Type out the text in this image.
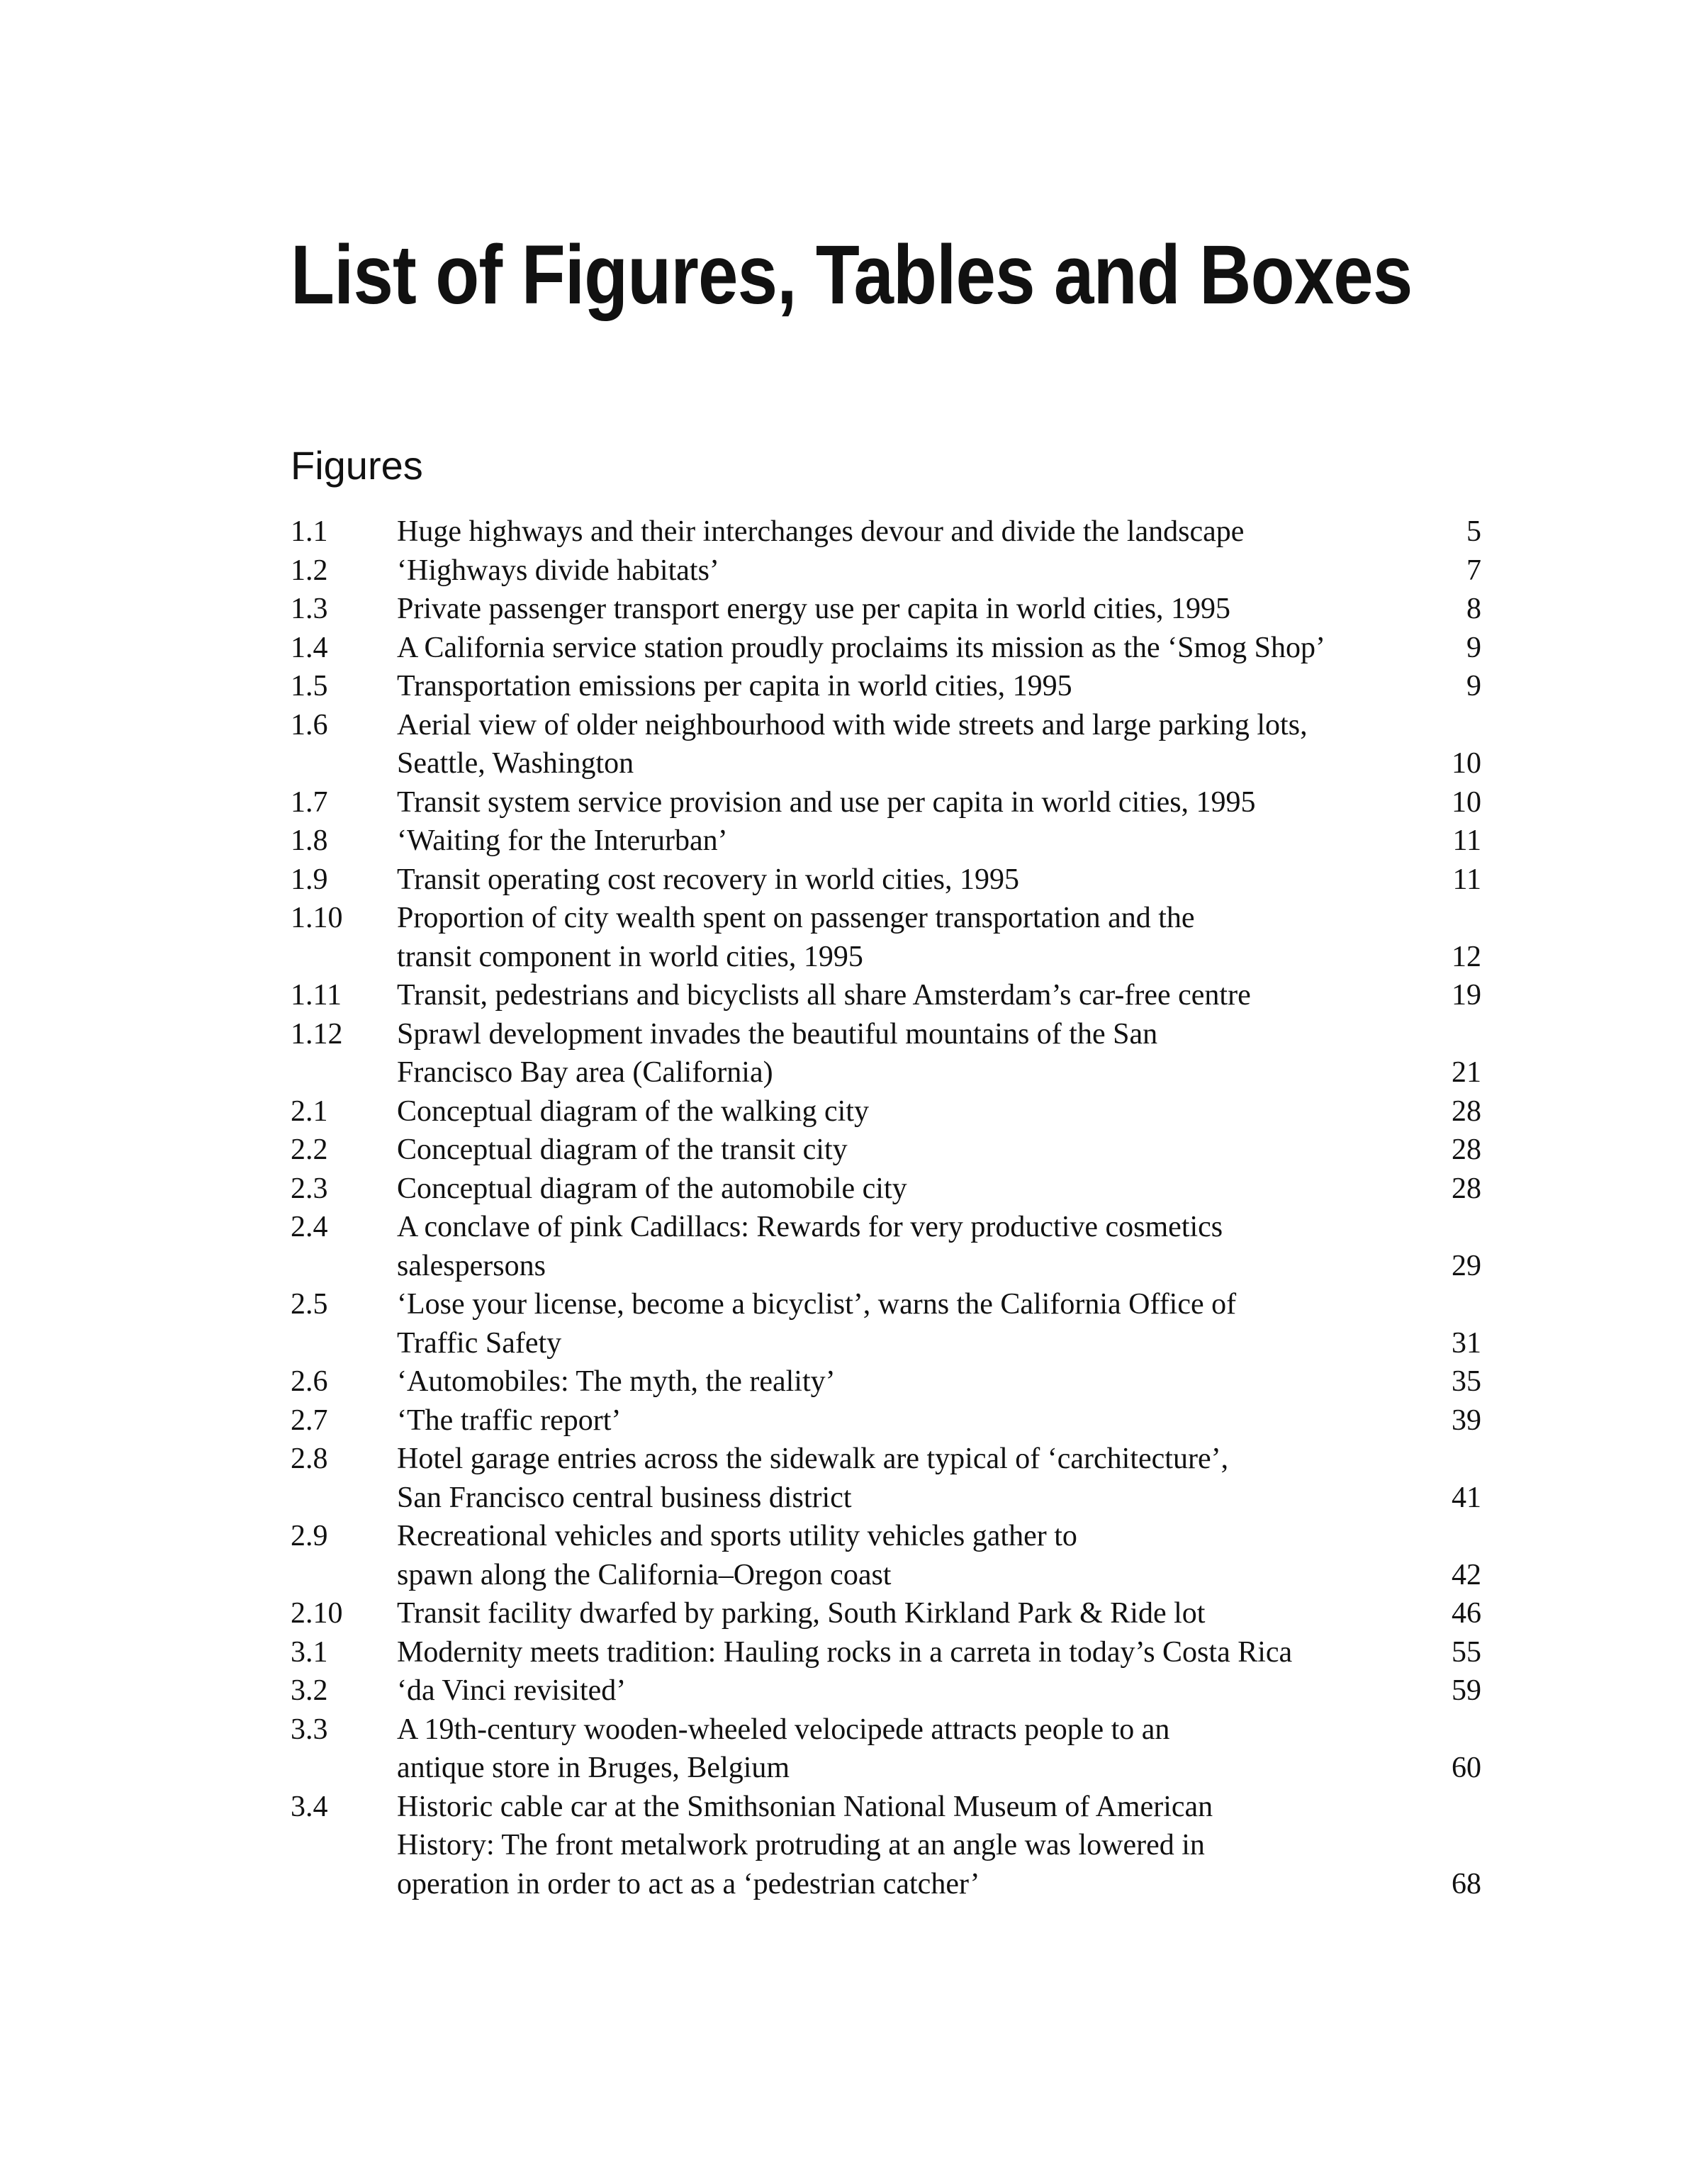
List of Figures, Tables and Boxes
Figures
1.1	Huge highways and their interchanges devour and divide the landscape	5
1.2	‘Highways divide habitats’	7
1.3	Private passenger transport energy use per capita in world cities, 1995	8
1.4	A California service station proudly proclaims its mission as the ‘Smog Shop’	9
1.5	Transportation emissions per capita in world cities, 1995	9
1.6	Aerial view of older neighbourhood with wide streets and large parking lots,
Seattle, Washington	10
1.7	Transit system service provision and use per capita in world cities, 1995	10
1.8	‘Waiting for the Interurban’	11
1.9	Transit operating cost recovery in world cities, 1995	11
1.10	Proportion of city wealth spent on passenger transportation and the
transit component in world cities, 1995	12
1.11	Transit, pedestrians and bicyclists all share Amsterdam’s car-free centre	19
1.12	Sprawl development invades the beautiful mountains of the San
Francisco Bay area (California)	21
2.1	Conceptual diagram of the walking city	28
2.2	Conceptual diagram of the transit city	28
2.3	Conceptual diagram of the automobile city	28
2.4	A conclave of pink Cadillacs: Rewards for very productive cosmetics
salespersons	29
2.5	‘Lose your license, become a bicyclist’, warns the California Office of
Traffic Safety	31
2.6	‘Automobiles: The myth, the reality’	35
2.7	‘The traffic report’	39
2.8	Hotel garage entries across the sidewalk are typical of ‘carchitecture’,
San Francisco central business district	41
2.9	Recreational vehicles and sports utility vehicles gather to
spawn along the California–Oregon coast	42
2.10	Transit facility dwarfed by parking, South Kirkland Park & Ride lot	46
3.1	Modernity meets tradition: Hauling rocks in a carreta in today’s Costa Rica	55
3.2	‘da Vinci revisited’	59
3.3	A 19th-century wooden-wheeled velocipede attracts people to an
antique store in Bruges, Belgium	60
3.4	Historic cable car at the Smithsonian National Museum of American
History: The front metalwork protruding at an angle was lowered in
operation in order to act as a ‘pedestrian catcher’	68
